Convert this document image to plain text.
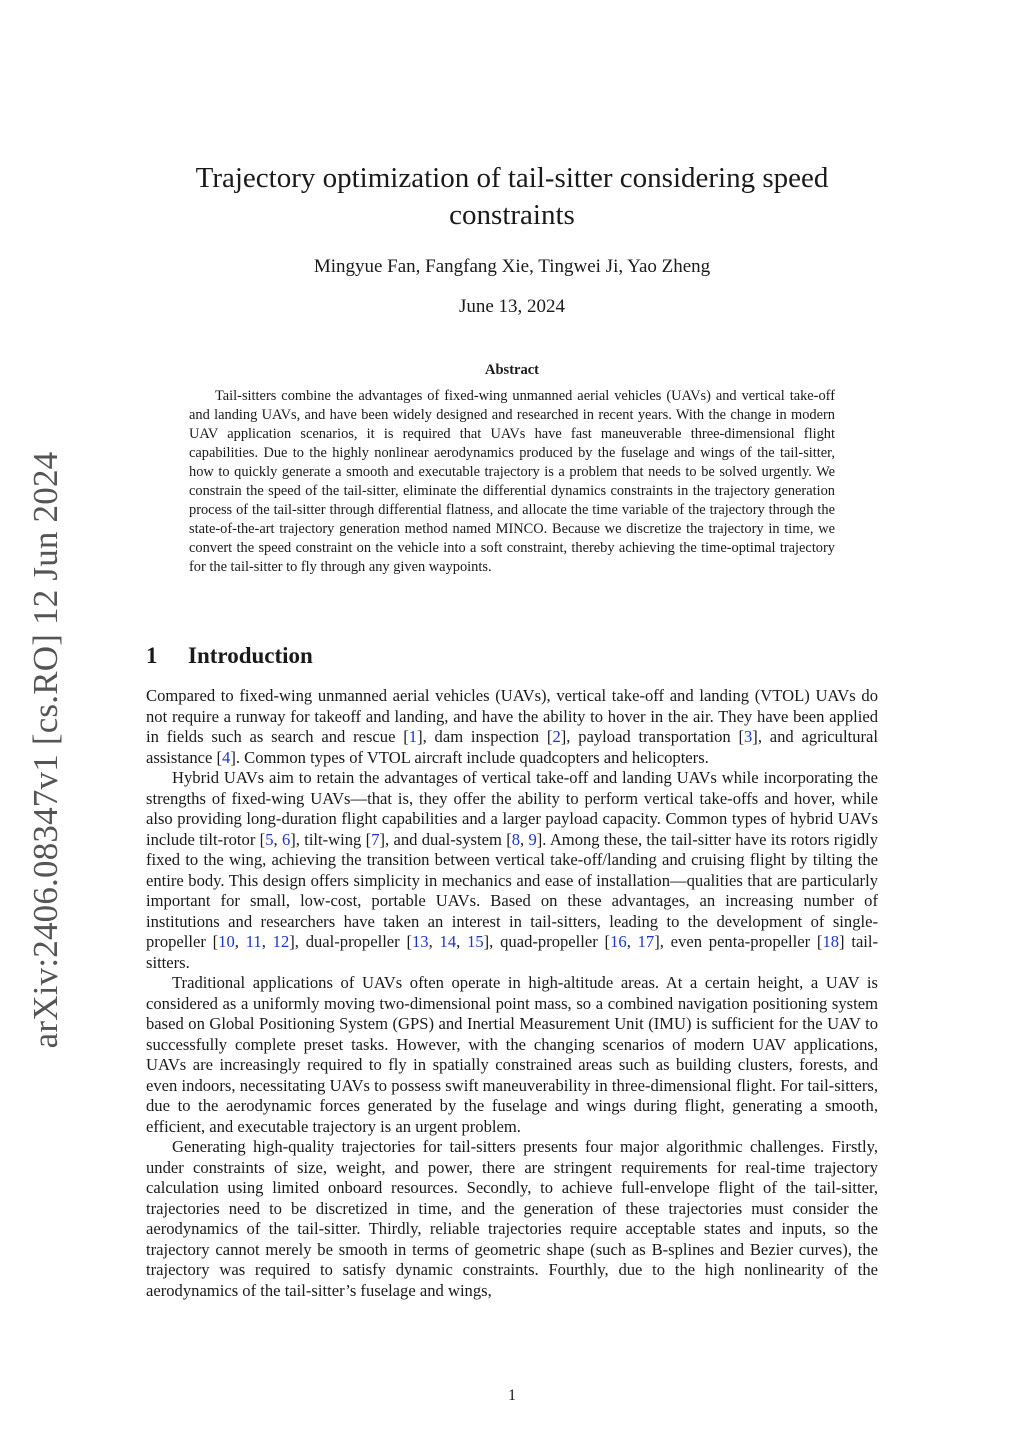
arXiv:2406.08347v1 [cs.RO] 12 Jun 2024
Trajectory optimization of tail-sitter considering speed constraints
Mingyue Fan, Fangfang Xie, Tingwei Ji, Yao Zheng
June 13, 2024
Abstract

Tail-sitters combine the advantages of fixed-wing unmanned aerial vehicles (UAVs) and vertical take-off and landing UAVs, and have been widely designed and researched in recent years. With the change in modern UAV application scenarios, it is required that UAVs have fast maneuverable three-dimensional flight capabilities. Due to the highly nonlinear aerodynamics produced by the fuselage and wings of the tail-sitter, how to quickly generate a smooth and executable trajectory is a problem that needs to be solved urgently. We constrain the speed of the tail-sitter, eliminate the differential dynamics constraints in the trajectory generation process of the tail-sitter through differential flatness, and allocate the time variable of the trajectory through the state-of-the-art trajectory generation method named MINCO. Because we discretize the trajectory in time, we convert the speed constraint on the vehicle into a soft constraint, thereby achieving the time-optimal trajectory for the tail-sitter to fly through any given waypoints.

1 Introduction

Compared to fixed-wing unmanned aerial vehicles (UAVs), vertical take-off and landing (VTOL) UAVs do not require a runway for takeoff and landing, and have the ability to hover in the air. They have been applied in fields such as search and rescue [1], dam inspection [2], payload transportation [3], and agricultural assistance [4]. Common types of VTOL aircraft include quadcopters and helicopters.

Hybrid UAVs aim to retain the advantages of vertical take-off and landing UAVs while incorporating the strengths of fixed-wing UAVs—that is, they offer the ability to perform vertical take-offs and hover, while also providing long-duration flight capabilities and a larger payload capacity. Common types of hybrid UAVs include tilt-rotor [5, 6], tilt-wing [7], and dual-system [8, 9]. Among these, the tail-sitter have its rotors rigidly fixed to the wing, achieving the transition between vertical take-off/landing and cruising flight by tilting the entire body. This design offers simplicity in mechanics and ease of installation—qualities that are particularly important for small, low-cost, portable UAVs. Based on these advantages, an increasing number of institutions and researchers have taken an interest in tail-sitters, leading to the development of single-propeller [10, 11, 12], dual-propeller [13, 14, 15], quad-propeller [16, 17], even penta-propeller [18] tail-sitters.

Traditional applications of UAVs often operate in high-altitude areas. At a certain height, a UAV is considered as a uniformly moving two-dimensional point mass, so a combined navigation positioning system based on Global Positioning System (GPS) and Inertial Measurement Unit (IMU) is sufficient for the UAV to successfully complete preset tasks. However, with the changing scenarios of modern UAV applications, UAVs are increasingly required to fly in spatially constrained areas such as building clusters, forests, and even indoors, necessitating UAVs to possess swift maneuverability in three-dimensional flight. For tail-sitters, due to the aerodynamic forces generated by the fuselage and wings during flight, generating a smooth, efficient, and executable trajectory is an urgent problem.

Generating high-quality trajectories for tail-sitters presents four major algorithmic challenges. Firstly, under constraints of size, weight, and power, there are stringent requirements for real-time trajectory calculation using limited onboard resources. Secondly, to achieve full-envelope flight of the tail-sitter, trajectories need to be discretized in time, and the generation of these trajectories must consider the aerodynamics of the tail-sitter. Thirdly, reliable trajectories require acceptable states and inputs, so the trajectory cannot merely be smooth in terms of geometric shape (such as B-splines and Bezier curves), the trajectory was required to satisfy dynamic constraints. Fourthly, due to the high nonlinearity of the aerodynamics of the tail-sitter’s fuselage and wings,

1
